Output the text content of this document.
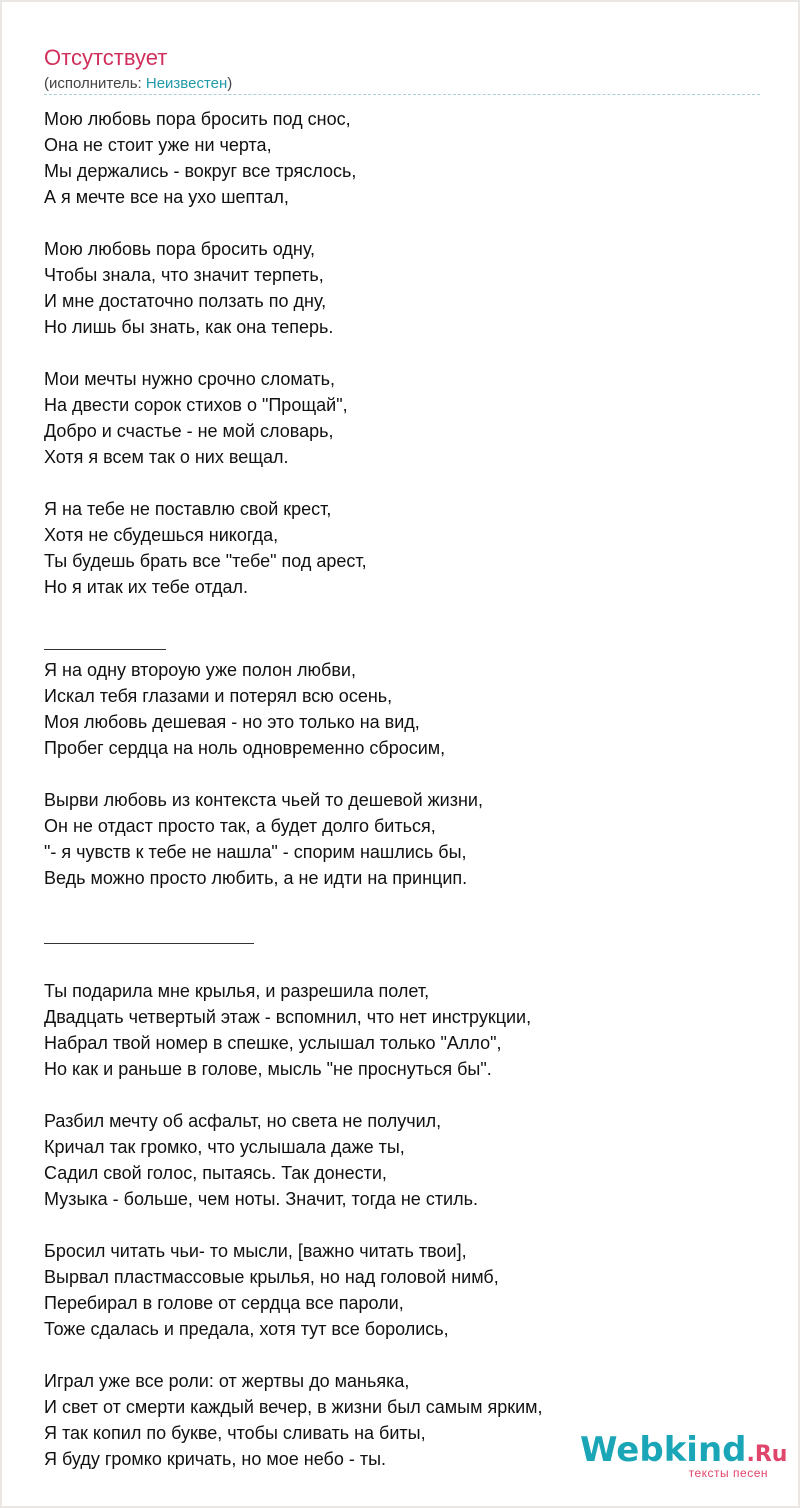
Отсутствует
(исполнитель: Неизвестен)
Мою любовь пора бросить под снос,
Она не стоит уже ни черта,
Мы держались - вокруг все тряслось,
А я мечте все на ухо шептал,
Мою любовь пора бросить одну,
Чтобы знала, что значит терпеть,
И мне достаточно ползать по дну,
Но лишь бы знать, как она теперь.
Мои мечты нужно срочно сломать,
На двести сорок стихов о "Прощай",
Добро и счастье - не мой словарь,
Хотя я всем так о них вещал.
Я на тебе не поставлю свой крест,
Хотя не сбудешься никогда,
Ты будешь брать все "тебе" под арест,
Но я итак их тебе отдал.
Я на одну вторoую уже полон любви,
Искал тебя глазами и потерял всю осень,
Моя любовь дешевая - но это только на вид,
Пробег сердца на ноль одновременно сбросим,
Вырви любовь из контекста чьей то дешевой жизни,
Он не отдаст просто так, а будет долго биться,
"- я чувств к тебе не нашла" - спорим нашлись бы,
Ведь можно просто любить, а не идти на принцип.
Ты подарила мне крылья, и разрешила полет,
Двадцать четвертый этаж - вспомнил, что нет инструкции,
Набрал твой номер в спешке, услышал только "Алло",
Но как и раньше в голове, мысль "не проснуться бы".
Разбил мечту об асфальт, но света не получил,
Кричал так громко, что услышала даже ты,
Садил свой голос, пытаясь. Так донести,
Музыка - больше, чем ноты. Значит, тогда не стиль.
Бросил читать чьи- то мысли, [важно читать твои],
Вырвал пластмассовые крылья, но над головой нимб,
Перебирал в голове от сердца все пароли,
Тоже сдалась и предала, хотя тут все боролись,
Играл уже все роли: от жертвы до маньяка,
И свет от смерти каждый вечер, в жизни был самым ярким,
Я так копил по букве, чтобы сливать на биты,
Я буду громко кричать, но мое небо - ты.	Webkind.Ru
тексты песен
